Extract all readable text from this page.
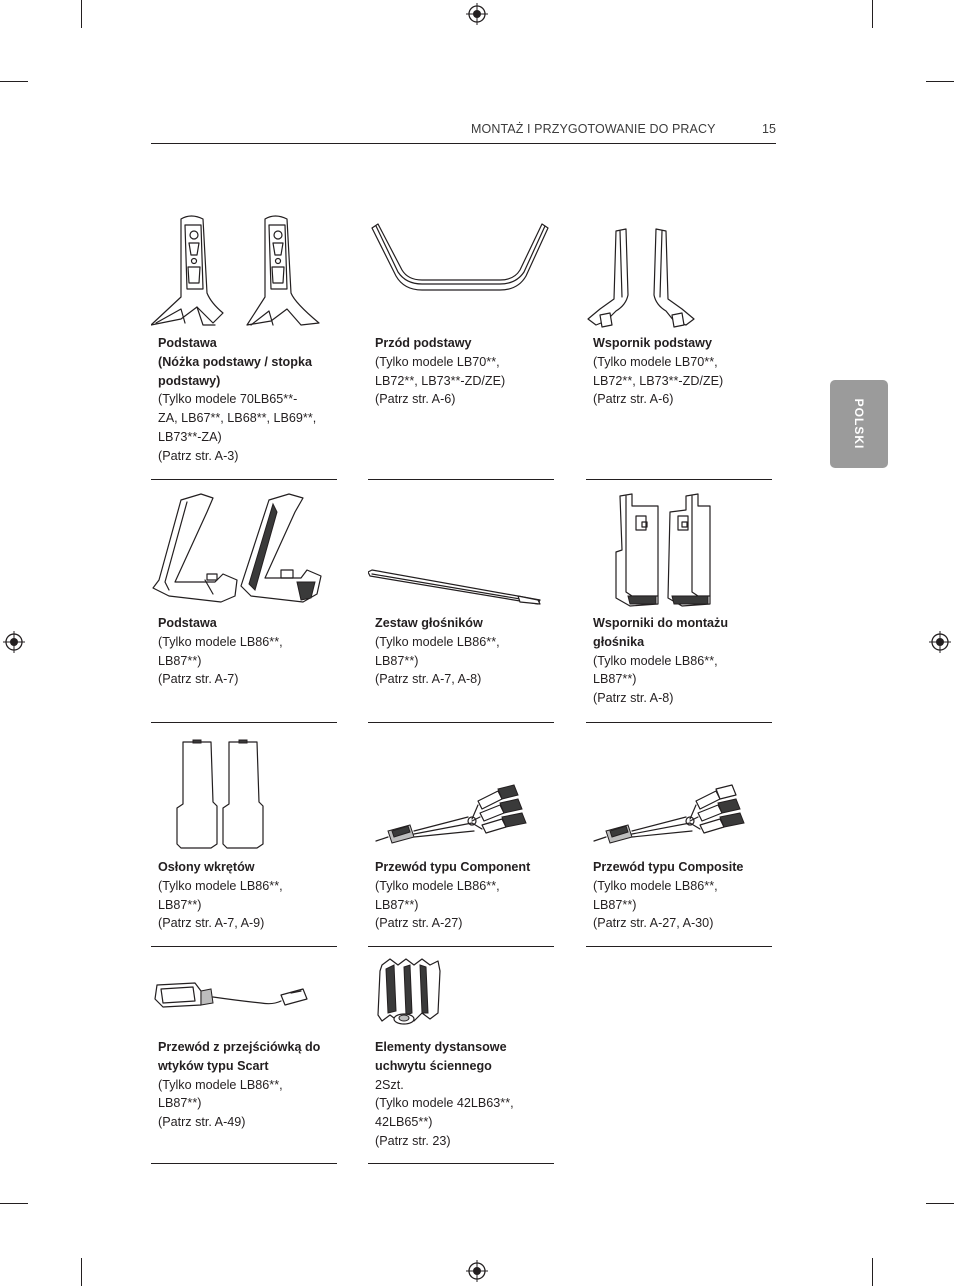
MONTAŻ I PRZYGOTOWANIE DO PRACY	15
POLSKI
Podstawa
(Nóżka podstawy / stopka
podstawy)
(Tylko modele 70LB65**-
ZA, LB67**, LB68**, LB69**,
LB73**-ZA)
(Patrz str. A-3)
Przód podstawy
(Tylko modele LB70**,
LB72**, LB73**-ZD/ZE)
(Patrz str. A-6)
Wspornik podstawy
(Tylko modele LB70**,
LB72**, LB73**-ZD/ZE)
(Patrz str. A-6)
Podstawa
(Tylko modele LB86**,
LB87**)
(Patrz str. A-7)
Zestaw głośników
(Tylko modele LB86**,
LB87**)
(Patrz str. A-7, A-8)
Wsporniki do montażu
głośnika
(Tylko modele LB86**,
LB87**)
(Patrz str. A-8)
Osłony wkrętów
(Tylko modele LB86**,
LB87**)
(Patrz str. A-7, A-9)
Przewód typu Component
(Tylko modele LB86**,
LB87**)
(Patrz str. A-27)
Przewód typu Composite
(Tylko modele LB86**,
LB87**)
(Patrz str. A-27, A-30)
Przewód z przejściówką do
wtyków typu Scart
(Tylko modele LB86**,
LB87**)
(Patrz str. A-49)
Elementy dystansowe
uchwytu ściennego
2Szt.
(Tylko modele 42LB63**,
42LB65**)
(Patrz str. 23)
